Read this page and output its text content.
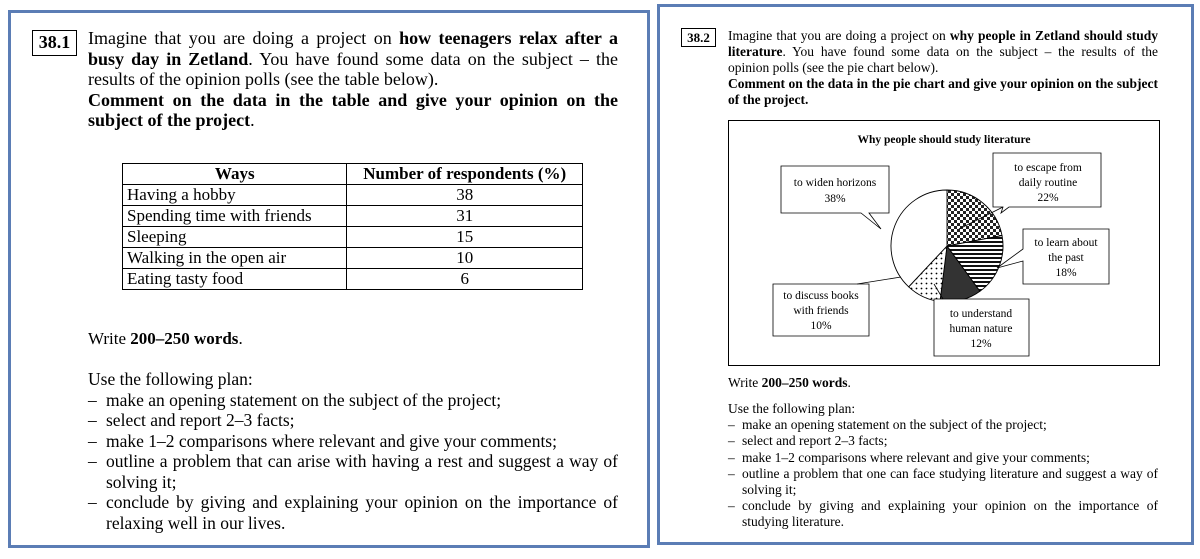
38.1 Imagine that you are doing a project on how teenagers relax after a busy day in Zetland. You have found some data on the subject – the results of the opinion polls (see the table below).
Comment on the data in the table and give your opinion on the subject of the project.
Ways	Number of respondents (%)
Having a hobby	38
Spending time with friends	31
Sleeping	15
Walking in the open air	10
Eating tasty food	6
Write 200–250 words.
Use the following plan:
– make an opening statement on the subject of the project;
– select and report 2–3 facts;
– make 1–2 comparisons where relevant and give your comments;
– outline a problem that can arise with having a rest and suggest a way of solving it;
– conclude by giving and explaining your opinion on the importance of relaxing well in our lives.
38.2	Imagine that you are doing a project on why people in Zetland should study literature. You have found some data on the subject – the results of the opinion polls (see the pie chart below).
Comment on the data in the pie chart and give your opinion on the subject of the project.
Why people should study literature
to widen horizons
38%
to escape from
daily routine
22%
to learn about
the past
18%
to understand
human nature
12%
to discuss books
with friends
10%
Write 200–250 words.
Use the following plan:
– make an opening statement on the subject of the project;
– select and report 2–3 facts;
– make 1–2 comparisons where relevant and give your comments;
– outline a problem that one can face studying literature and suggest a way of solving it;
– conclude by giving and explaining your opinion on the importance of studying literature.
